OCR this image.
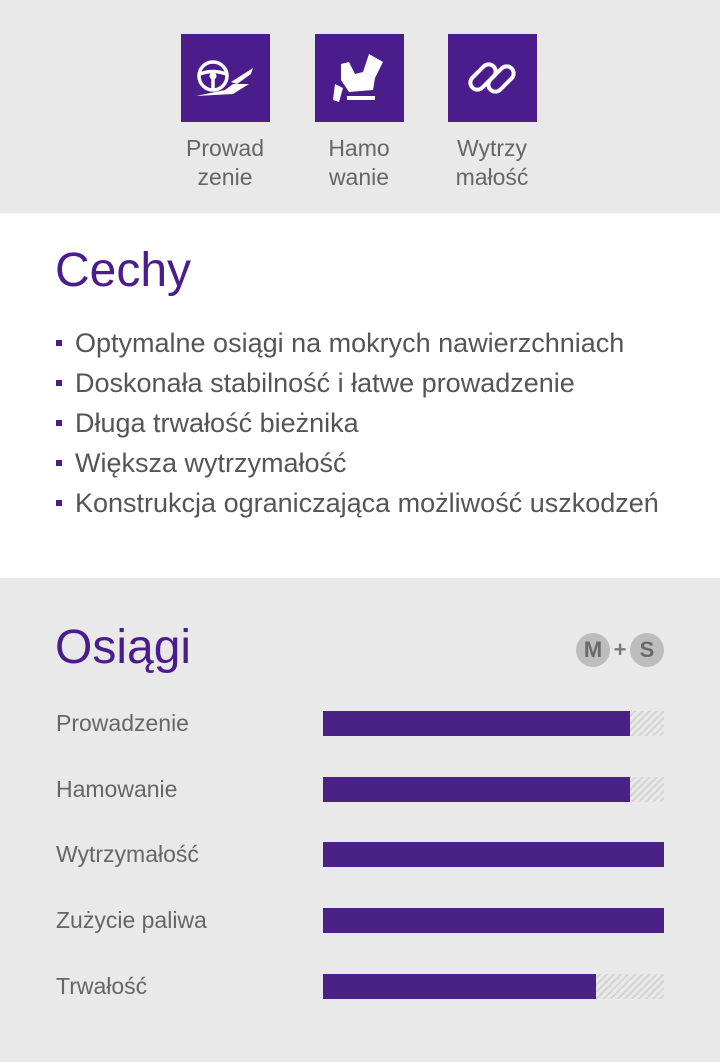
Prowad
zenie
Hamo
wanie
Wytrzy
małość
Cechy
Optymalne osiągi na mokrych nawierzchniach
Doskonała stabilność i łatwe prowadzenie
Długa trwałość bieżnika
Większa wytrzymałość
Konstrukcja ograniczająca możliwość uszkodzeń
Osiągi	M + S
Prowadzenie
Hamowanie
Wytrzymałość
Zużycie paliwa
Trwałość
